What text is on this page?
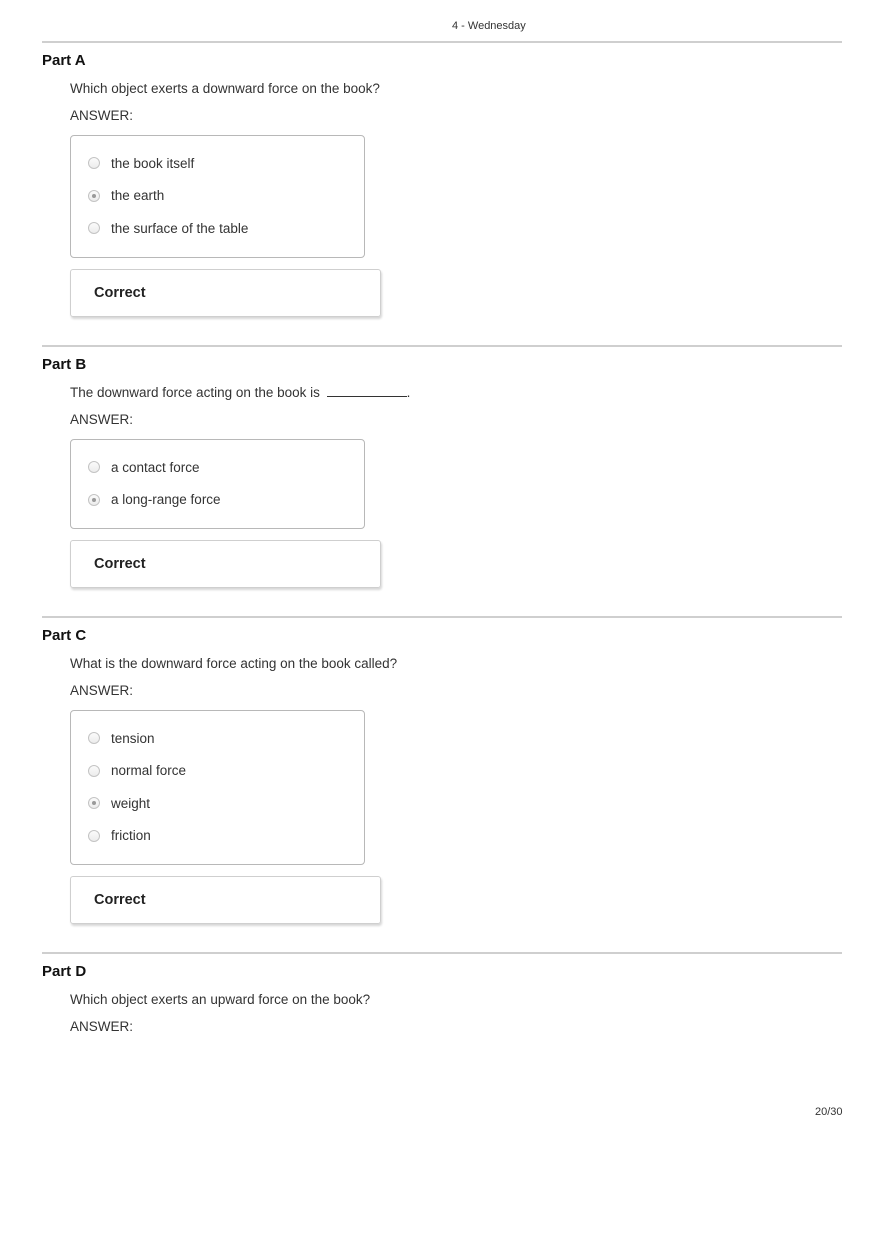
4 - Wednesday
Part A
Which object exerts a downward force on the book?
ANSWER:
the book itself
the earth
the surface of the table
Correct
Part B
The downward force acting on the book is	.
ANSWER:
a contact force
a long-range force
Correct
Part C
What is the downward force acting on the book called?
ANSWER:
tension
normal force
weight
friction
Correct
Part D
Which object exerts an upward force on the book?
ANSWER:
20/30
